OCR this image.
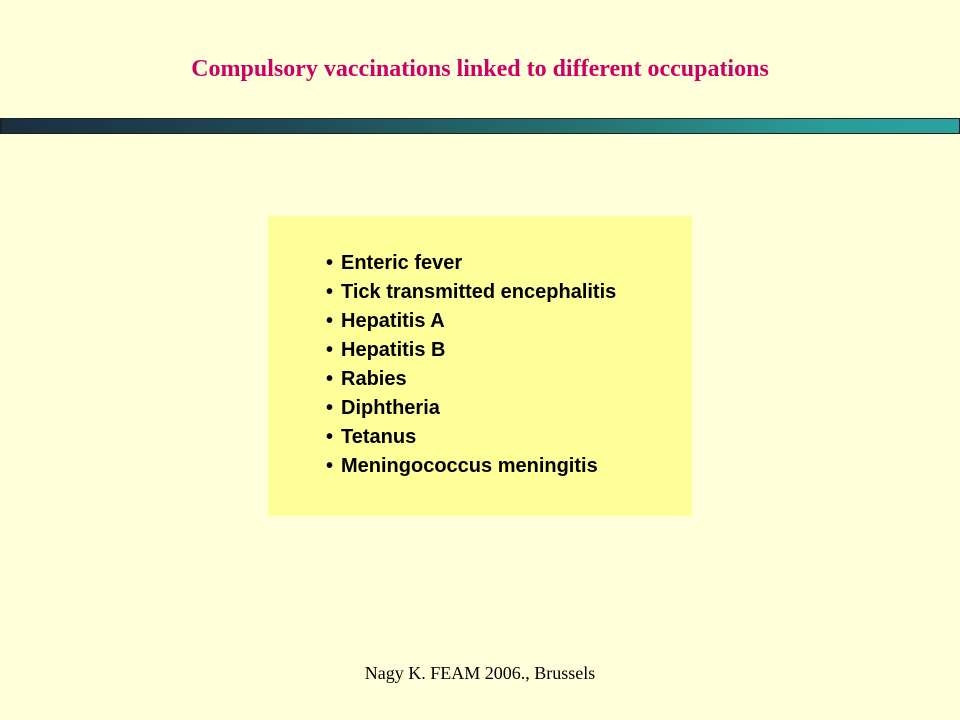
Compulsory vaccinations linked to different occupations
• Enteric fever
• Tick transmitted encephalitis
• Hepatitis A
• Hepatitis B
• Rabies
• Diphtheria
• Tetanus
• Meningococcus meningitis
Nagy K. FEAM 2006., Brussels
